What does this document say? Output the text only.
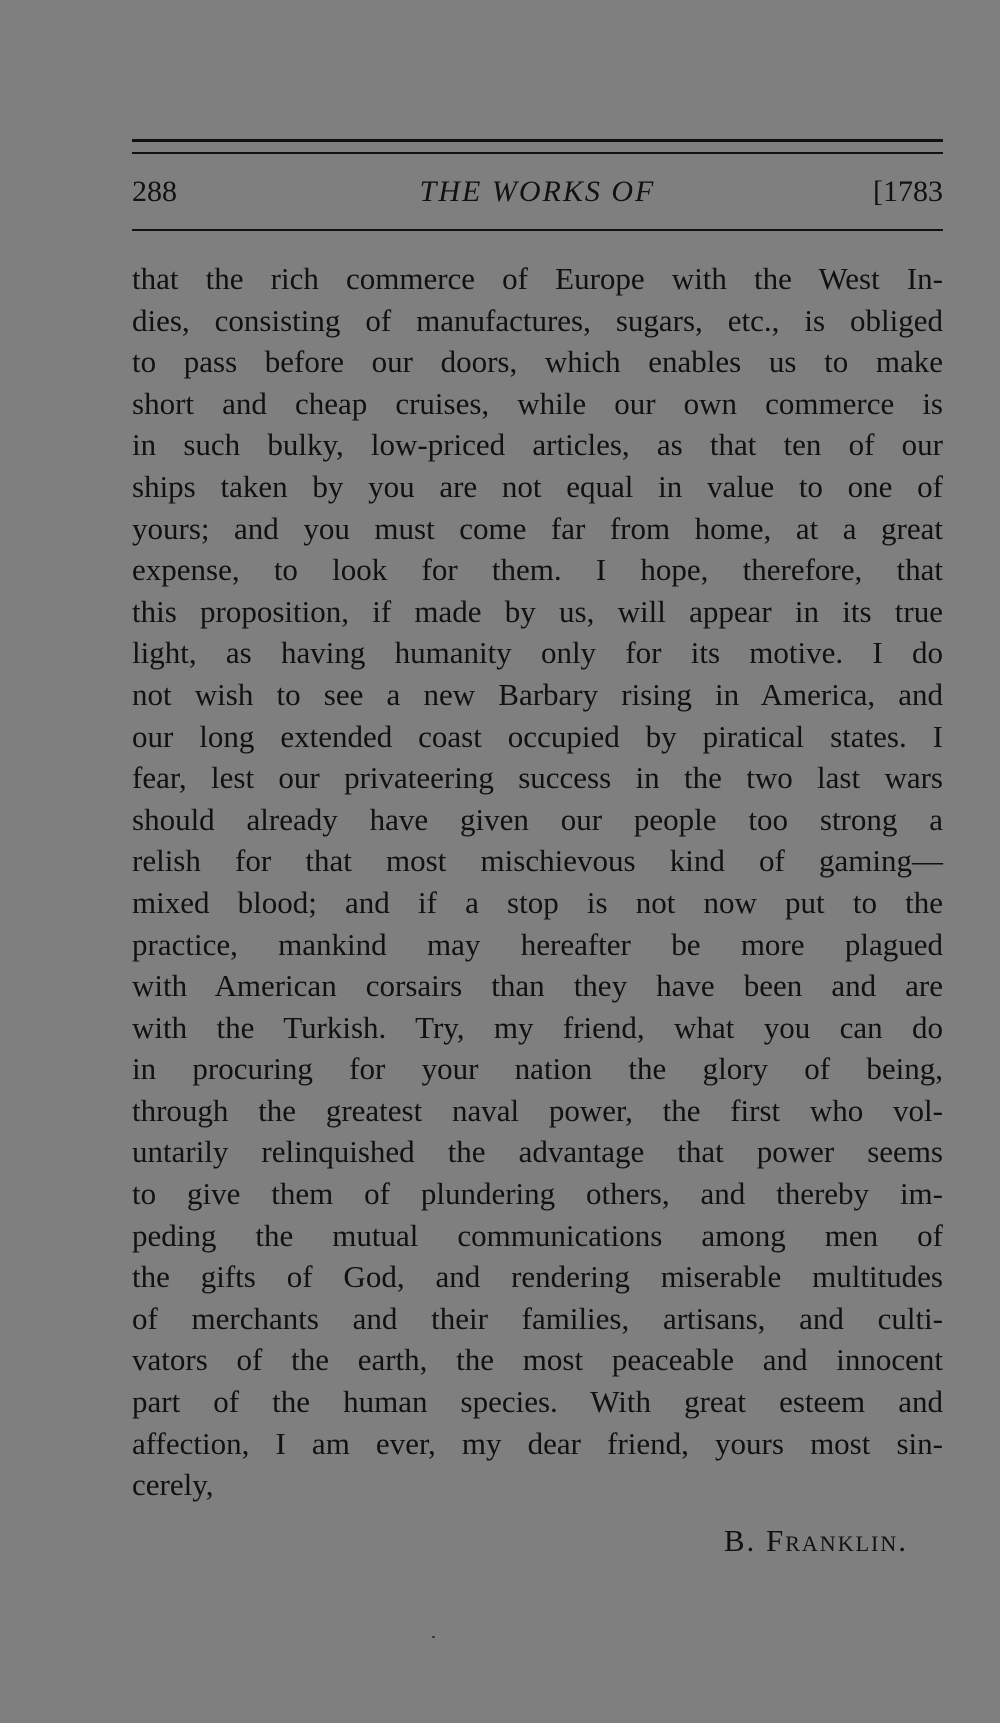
288	THE WORKS OF	[1783
that the rich commerce of Europe with the West In-
dies, consisting of manufactures, sugars, etc., is obliged
to pass before our doors, which enables us to make
short and cheap cruises, while our own commerce is
in such bulky, low-priced articles, as that ten of our
ships taken by you are not equal in value to one of
yours; and you must come far from home, at a great
expense, to look for them. I hope, therefore, that
this proposition, if made by us, will appear in its true
light, as having humanity only for its motive. I do
not wish to see a new Barbary rising in America, and
our long extended coast occupied by piratical states. I
fear, lest our privateering success in the two last wars
should already have given our people too strong a
relish for that most mischievous kind of gaming—
mixed blood; and if a stop is not now put to the
practice, mankind may hereafter be more plagued
with American corsairs than they have been and are
with the Turkish. Try, my friend, what you can do
in procuring for your nation the glory of being,
through the greatest naval power, the first who vol-
untarily relinquished the advantage that power seems
to give them of plundering others, and thereby im-
peding the mutual communications among men of
the gifts of God, and rendering miserable multitudes
of merchants and their families, artisans, and culti-
vators of the earth, the most peaceable and innocent
part of the human species. With great esteem and
affection, I am ever, my dear friend, yours most sin-
cerely,
B. Franklin.
